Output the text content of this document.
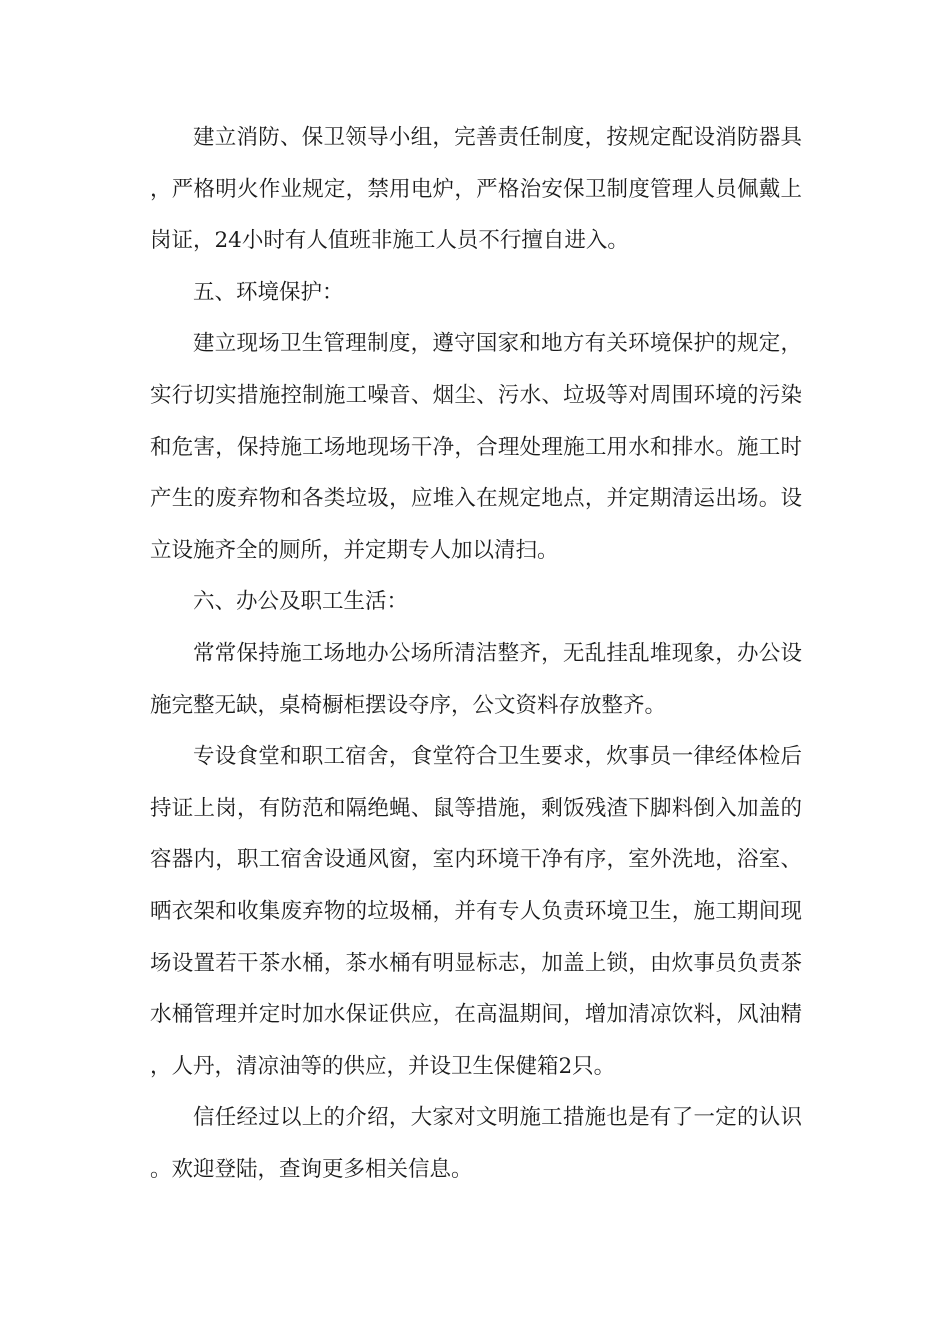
建立消防、保卫领导小组，完善责任制度，按规定配设消防器具，严格明火作业规定，禁用电炉，严格治安保卫制度管理人员佩戴上岗证，24小时有人值班非施工人员不行擅自进入。

五、环境保护：

建立现场卫生管理制度，遵守国家和地方有关环境保护的规定，实行切实措施控制施工噪音、烟尘、污水、垃圾等对周围环境的污染和危害，保持施工场地现场干净，合理处理施工用水和排水。施工时产生的废弃物和各类垃圾，应堆入在规定地点，并定期清运出场。设立设施齐全的厕所，并定期专人加以清扫。

六、办公及职工生活：

常常保持施工场地办公场所清洁整齐，无乱挂乱堆现象，办公设施完整无缺，桌椅橱柜摆设夺序，公文资料存放整齐。

专设食堂和职工宿舍，食堂符合卫生要求，炊事员一律经体检后持证上岗，有防范和隔绝蝇、鼠等措施，剩饭残渣下脚料倒入加盖的容器内，职工宿舍设通风窗，室内环境干净有序，室外洗地，浴室、晒衣架和收集废弃物的垃圾桶，并有专人负责环境卫生，施工期间现场设置若干茶水桶，茶水桶有明显标志，加盖上锁，由炊事员负责茶水桶管理并定时加水保证供应，在高温期间，增加清凉饮料，风油精，人丹，清凉油等的供应，并设卫生保健箱2只。

信任经过以上的介绍，大家对文明施工措施也是有了一定的认识。欢迎登陆，查询更多相关信息。
